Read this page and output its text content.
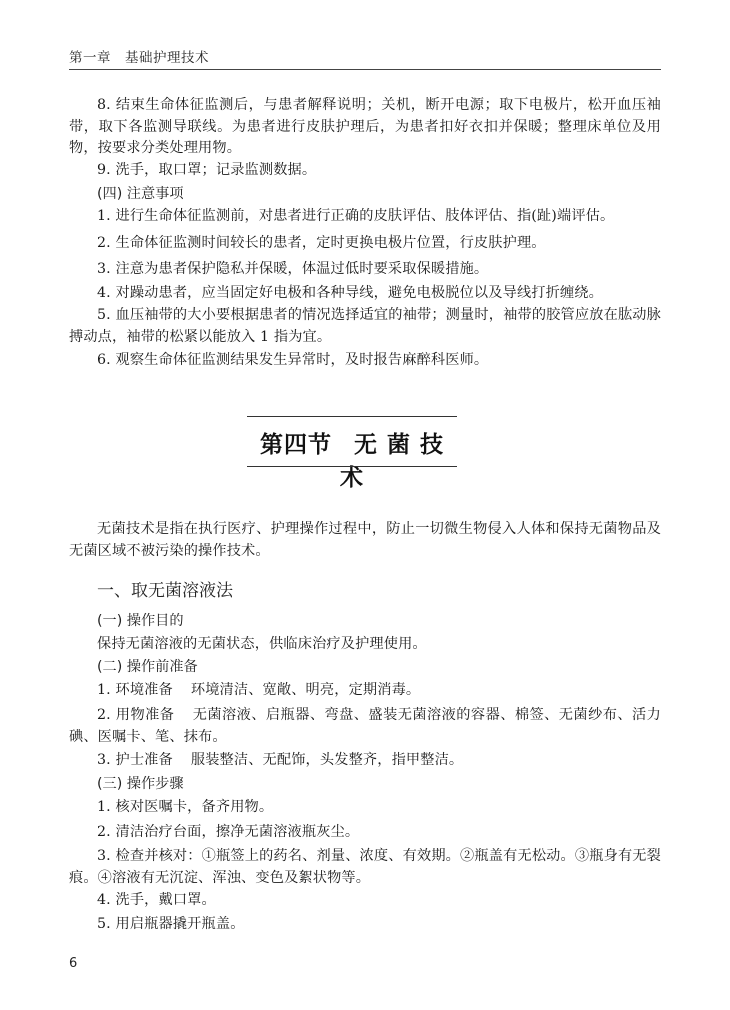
第一章 基础护理技术

8. 结束生命体征监测后，与患者解释说明；关机，断开电源；取下电极片，松开血压袖带，取下各监测导联线。为患者进行皮肤护理后，为患者扣好衣扣并保暖；整理床单位及用物，按要求分类处理用物。

9. 洗手，取口罩；记录监测数据。

(四) 注意事项

1. 进行生命体征监测前，对患者进行正确的皮肤评估、肢体评估、指(趾)端评估。

2. 生命体征监测时间较长的患者，定时更换电极片位置，行皮肤护理。

3. 注意为患者保护隐私并保暖，体温过低时要采取保暖措施。

4. 对躁动患者，应当固定好电极和各种导线，避免电极脱位以及导线打折缠绕。

5. 血压袖带的大小要根据患者的情况选择适宜的袖带；测量时，袖带的胶管应放在肱动脉搏动点，袖带的松紧以能放入 1 指为宜。

6. 观察生命体征监测结果发生异常时，及时报告麻醉科医师。

第四节 无 菌 技 术

无菌技术是指在执行医疗、护理操作过程中，防止一切微生物侵入人体和保持无菌物品及无菌区域不被污染的操作技术。

一、取无菌溶液法
(一) 操作目的

保持无菌溶液的无菌状态，供临床治疗及护理使用。

(二) 操作前准备

1. 环境准备 环境清洁、宽敞、明亮，定期消毒。

2. 用物准备 无菌溶液、启瓶器、弯盘、盛装无菌溶液的容器、棉签、无菌纱布、活力碘、医嘱卡、笔、抹布。

3. 护士准备 服装整洁、无配饰，头发整齐，指甲整洁。

(三) 操作步骤

1. 核对医嘱卡，备齐用物。

2. 清洁治疗台面，擦净无菌溶液瓶灰尘。

3. 检查并核对：①瓶签上的药名、剂量、浓度、有效期。②瓶盖有无松动。③瓶身有无裂痕。④溶液有无沉淀、浑浊、变色及絮状物等。

4. 洗手，戴口罩。

5. 用启瓶器撬开瓶盖。

6
